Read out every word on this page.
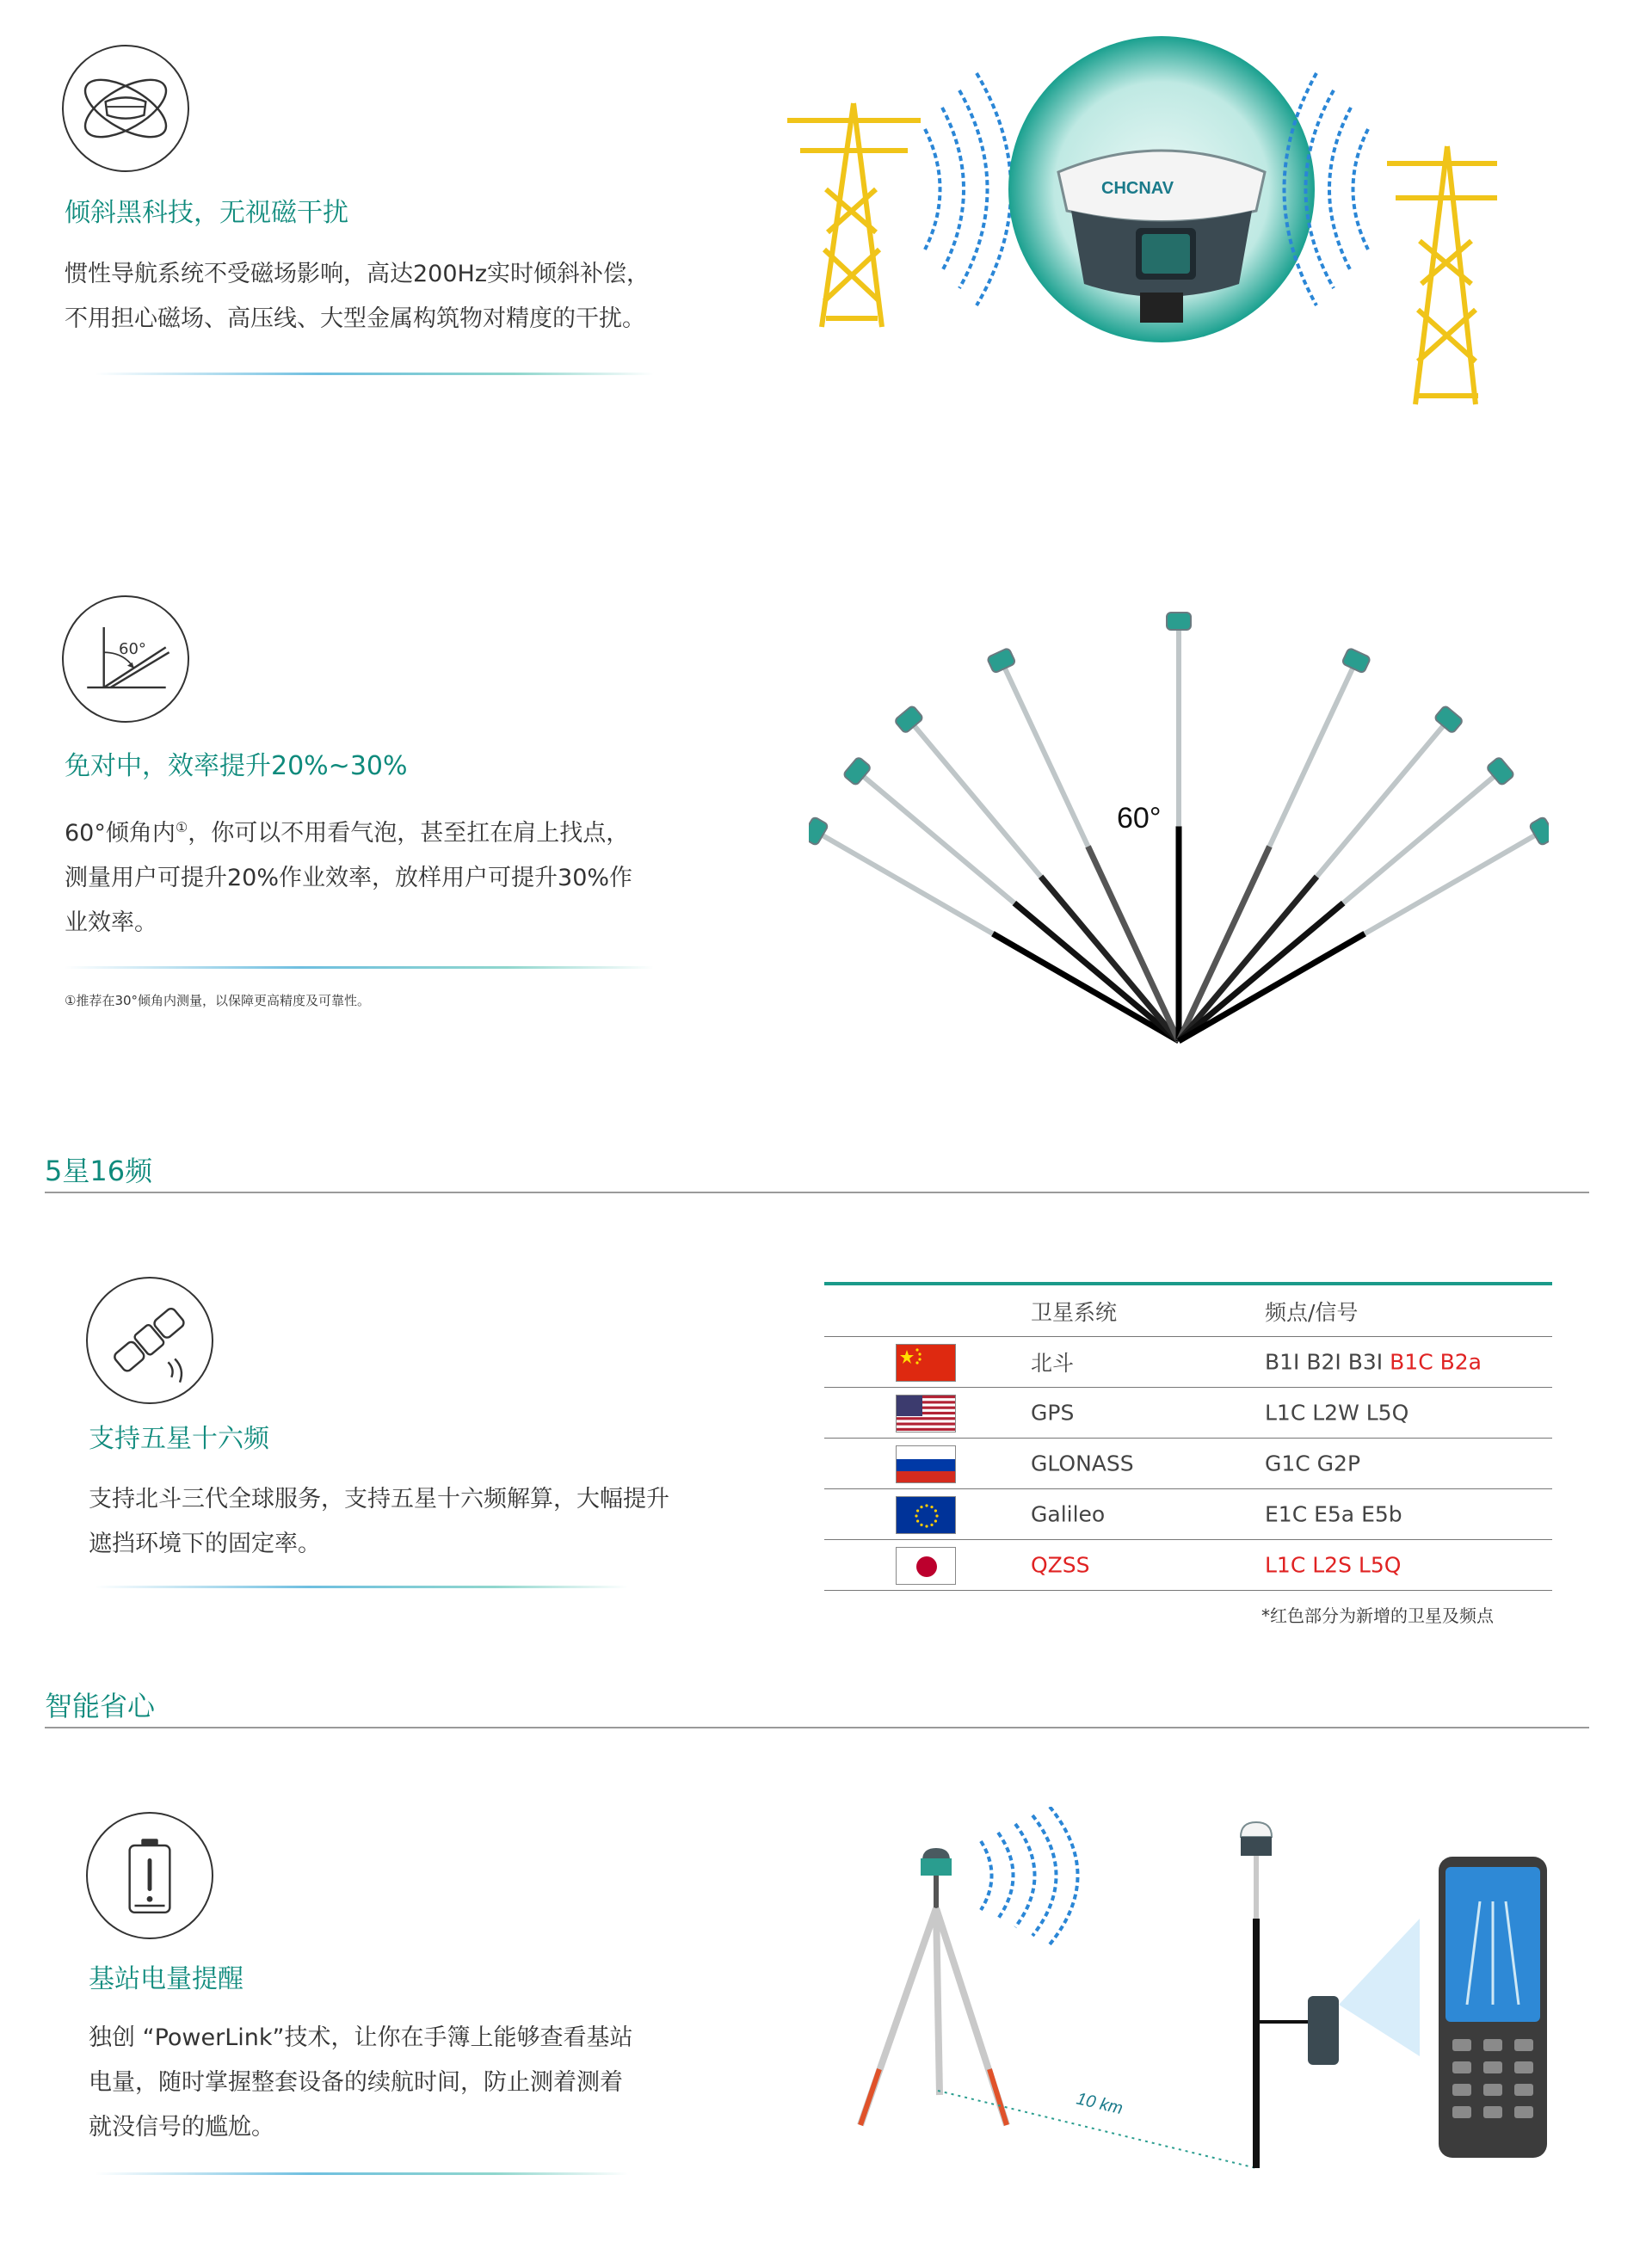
倾斜黑科技，无视磁干扰

惯性导航系统不受磁场影响，高达200Hz实时倾斜补偿，

不用担心磁场、高压线、大型金属构筑物对精度的干扰。

CHCNAV
60°
免对中，效率提升20%~30%

60°倾角内①，你可以不用看气泡，甚至扛在肩上找点，

测量用户可提升20%作业效率，放样用户可提升30%作

业效率。

①推荐在30°倾角内测量，以保障更高精度及可靠性。
60°
5星16频
支持五星十六频

支持北斗三代全球服务，支持五星十六频解算，大幅提升

遮挡环境下的固定率。

卫星系统	频点/信号
北斗	B1I B2I B3I B1C B2a
GPS	L1C L2W L5Q
GLONASS	G1C G2P
Galileo	E1C E5a E5b
QZSS	L1C L2S L5Q
*红色部分为新增的卫星及频点
智能省心
基站电量提醒

独创 “PowerLink”技术，让你在手簿上能够查看基站

电量，随时掌握整套设备的续航时间，防止测着测着

就没信号的尴尬。

10 km
